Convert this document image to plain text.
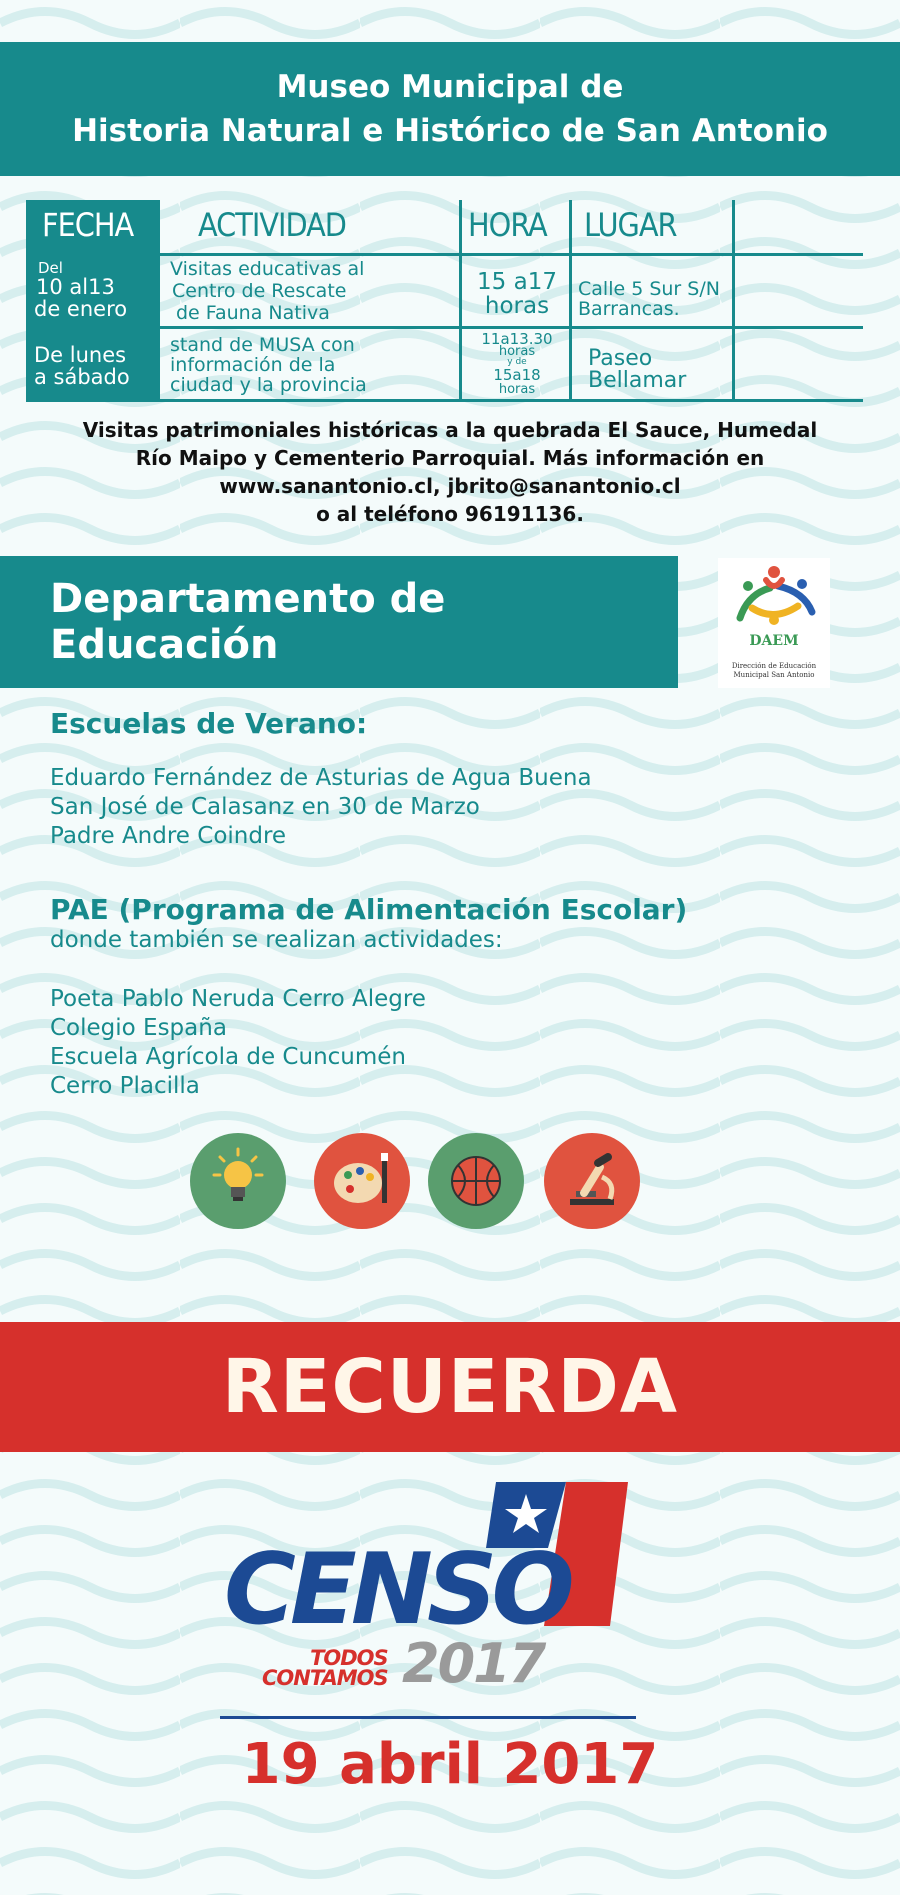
Museo Municipal de
Historia Natural e Histórico de San Antonio
FECHA ACTIVIDAD	HORA LUGAR
Del
10 al13
de enero
Visitas educativas al
Centro de Rescate
de Fauna Nativa
15 a17
horas
Calle 5 Sur S/N
Barrancas.
De lunes
a sábado
stand de MUSA con
información de la
ciudad y la provincia
11a13.30
horas
y de
15a18
horas
Paseo
Bellamar
Visitas patrimoniales históricas a la quebrada El Sauce, Humedal
Río Maipo y Cementerio Parroquial. Más información en
www.sanantonio.cl, jbrito@sanantonio.cl
o al teléfono 96191136.
Departamento de Educación	DAEM
Dirección de Educación
Municipal San Antonio
Escuelas de Verano:
Eduardo Fernández de Asturias de Agua Buena
San José de Calasanz en 30 de Marzo
Padre Andre Coindre
PAE (Programa de Alimentación Escolar)
donde también se realizan actividades:
Poeta Pablo Neruda Cerro Alegre
Colegio España
Escuela Agrícola de Cuncumén
Cerro Placilla
RECUERDA
CENSO
TODOS
CONTAMOS 2017
19 abril 2017
